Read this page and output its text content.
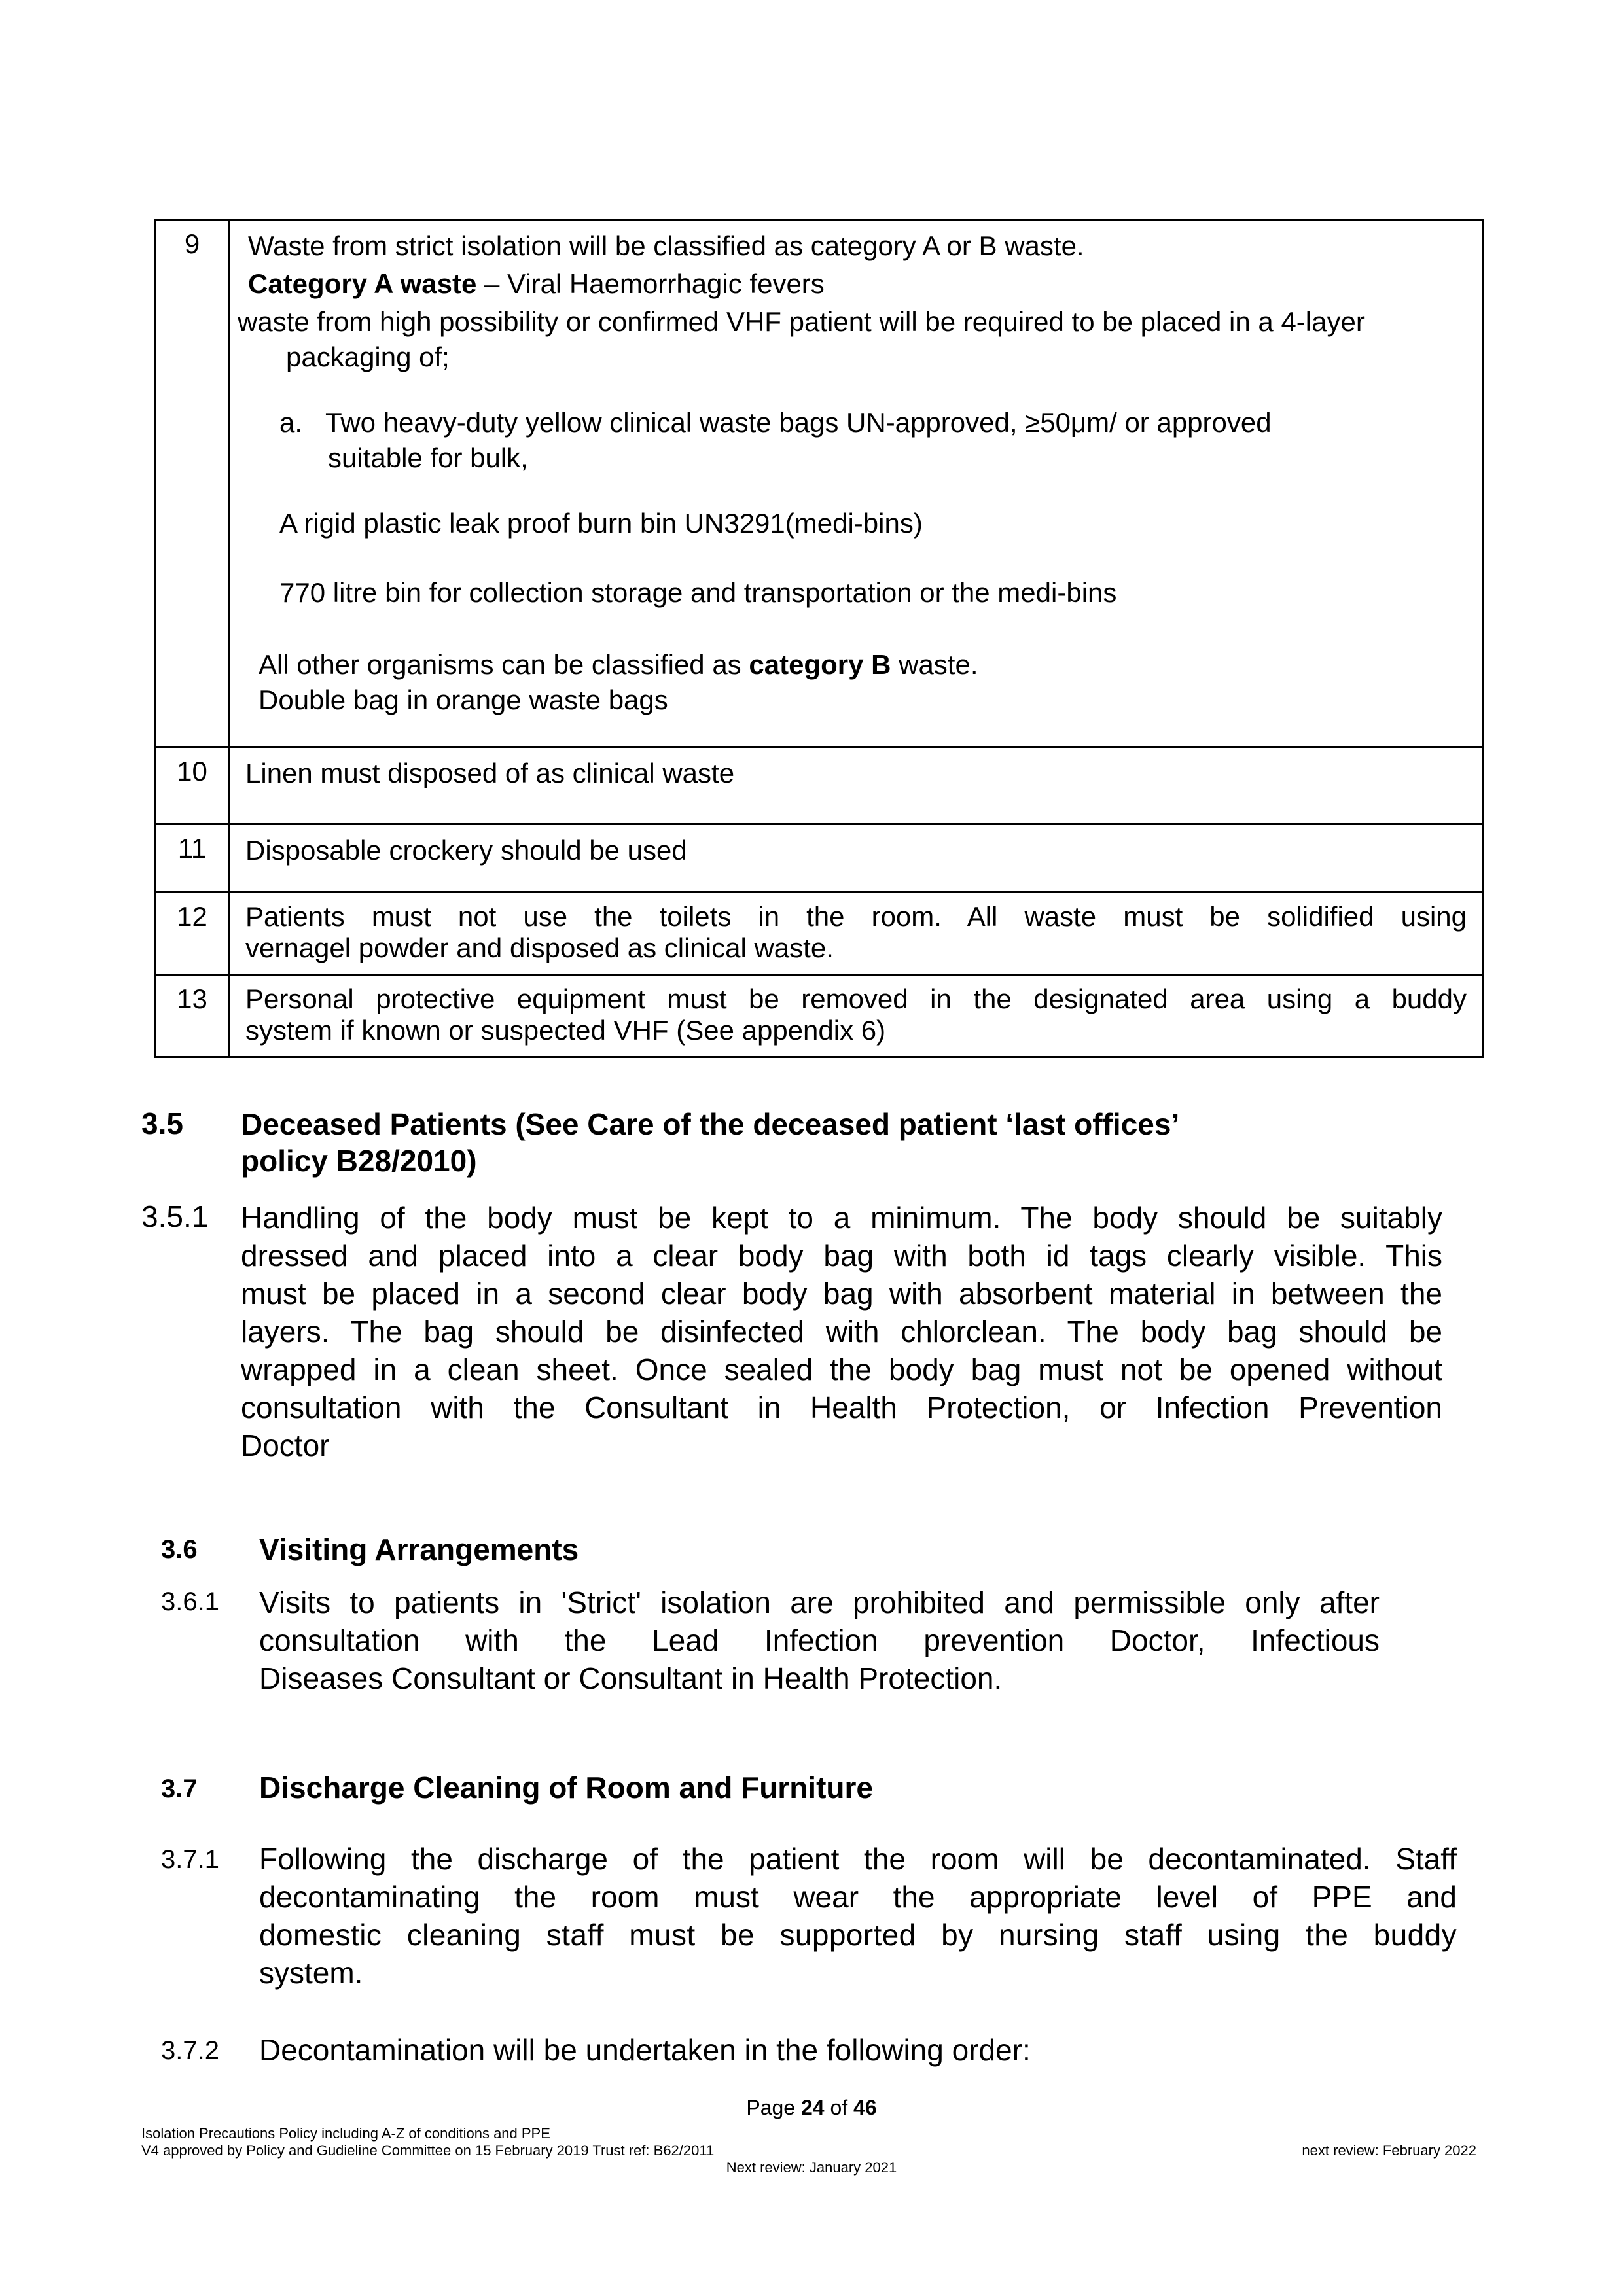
9	Waste from strict isolation will be classified as category A or B waste.

Category A waste – Viral Haemorrhagic fevers

waste from high possibility or confirmed VHF patient will be required to be placed in a 4-layer

packaging of;

a. Two heavy-duty yellow clinical waste bags UN-approved, ≥50μm/ or approved

suitable for bulk,

A rigid plastic leak proof burn bin UN3291(medi-bins)

770 litre bin for collection storage and transportation or the medi-bins

All other organisms can be classified as category B waste.

Double bag in orange waste bags

10	Linen must disposed of as clinical waste
11	Disposable crockery should be used
12	Patients must not use the toilets in the room. All waste must be solidified using

vernagel powder and disposed as clinical waste.

13	Personal protective equipment must be removed in the designated area using a buddy

system if known or suspected VHF (See appendix 6)

3.5 Deceased Patients (See Care of the deceased patient ‘last offices’
policy B28/2010)
3.5.1 Handling of the body must be kept to a minimum. The body should be suitably
dressed and placed into a clear body bag with both id tags clearly visible. This
must be placed in a second clear body bag with absorbent material in between the
layers. The bag should be disinfected with chlorclean. The body bag should be
wrapped in a clean sheet. Once sealed the body bag must not be opened without
consultation with the Consultant in Health Protection, or Infection Prevention
Doctor
3.6 Visiting Arrangements
3.6.1 Visits to patients in 'Strict' isolation are prohibited and permissible only after
consultation with the Lead Infection prevention Doctor, Infectious
Diseases Consultant or Consultant in Health Protection.
3.7 Discharge Cleaning of Room and Furniture
3.7.1 Following the discharge of the patient the room will be decontaminated. Staff
decontaminating the room must wear the appropriate level of PPE and
domestic cleaning staff must be supported by nursing staff using the buddy
system.
3.7.2 Decontamination will be undertaken in the following order:
Page 24 of 46
Isolation Precautions Policy including A-Z of conditions and PPE
V4 approved by Policy and Gudieline Committee on 15 February 2019 Trust ref: B62/2011	next review: February 2022
Next review: January 2021
